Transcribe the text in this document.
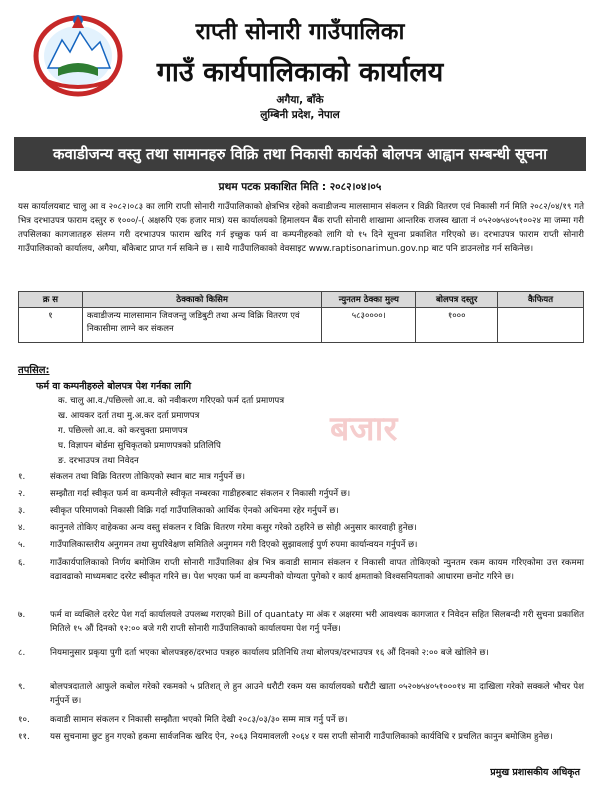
राप्ती सोनारी गाउँपालिका
गाउँ कार्यपालिकाको कार्यालय
अगैया, बाँके
लुम्बिनी प्रदेश, नेपाल
कवाडीजन्य वस्तु तथा सामानहरु विक्रि तथा निकासी कार्यको बोलपत्र आह्वान सम्बन्धी सूचना
प्रथम पटक प्रकाशित मिति : २०८२।०४।०५
यस कार्यालयबाट चालु आ व २०८२।०८३ का लागि राप्ती सोनारी गाउँपालिकाको क्षेत्रभित्र रहेको कवाडीजन्य मालसामान संकलन र विक्री वितरण एवं निकासी गर्न मिति २०८२/०४/१९ गते भित्र दरभाउपत्र फाराम दस्तुर रु १०००/-( अक्षरुपि एक हजार मात्र) यस कार्यालयको हिमालयन बैंक राप्ती सोनारी शाखामा आन्तरिक राजस्व खाता नं ०५२०७५४०५१००२४ मा जम्मा गरी तपसिलका कागजातहरु संलग्न गरी दरभाउपत्र फाराम खरिद गर्न इच्छुक फर्म वा कम्पनीहरुको लागि यो १५ दिने सूचना प्रकाशित गरिएको छ। दरभाउपत्र फाराम राप्ती सोनारी गाउँपालिकाको कार्यालय, अगैया, बाँकेबाट प्राप्त गर्न सकिने छ । साथै गाउँपालिकाको वेवसाइट www.raptisonarimun.gov.np बाट पनि डाउनलोड गर्न सकिनेछ।
क्र स	ठेक्काको किसिम	न्युनतम ठेक्का मुल्य	बोलपत्र दस्तुर	कैफियत
१	कवाडीजन्य मालसामान जिवजन्तु जडिबुटी तथा अन्य विक्रि वितरण एवं निकासीमा लाग्ने कर संकलन	५८३००००।	१०००	
तपसिल:
फर्म वा कम्पनीहरुले बोलपत्र पेश गर्नका लागि
क. चालु आ.व./पछिल्लो आ.व. को नवीकरण गरिएको फर्म दर्ता प्रमाणपत्र
ख. आयकर दर्ता तथा मु.अ.कर दर्ता प्रमाणपत्र
ग. पछिल्लो आ.व. को करचुक्ता प्रमाणपत्र
घ. विज्ञापन बोर्डमा सुचिकृतको प्रमाणपत्रको प्रतिलिपि
ङ. दरभाउपत्र तथा निवेदन
बजार
१.	संकलन तथा विक्रि वितरण तोकिएको स्थान बाट मात्र गर्नुपर्ने छ।
२.	सम्झौता गर्दा स्वीकृत फर्म वा कम्पनीले स्वीकृत नम्बरका गाडीहरुबाट संकलन र निकासी गर्नुपर्ने छ।
३.	स्वीकृत परिमाणको निकासी विक्रि गर्दा गाउँपालिकाको आर्थिक ऐनको अधिनमा रहेर गर्नुपर्ने छ।
४.	कानुनले तोकिए वाहेकका अन्य वस्तु संकलन र विक्रि वितरण गरेमा कसुर गरेको ठहरिने छ सोही अनुसार कारवाही हुनेछ।
५.	गाउँपालिकास्तरीय अनुगमन तथा सुपरिवेक्षण समितिले अनुगमन गरी दिएको सुझावलाई पुर्ण रुपमा कार्यान्वयन गर्नुपर्ने छ।
६.	गाउँकार्यपालिकाको निर्णय बमोजिम राप्ती सोनारी गाउँपालिका क्षेत्र भित्र कवाडी सामान संकलन र निकासी वापत तोकिएको न्युनतम रकम कायम गरिएकोमा उत्त रकममा वढावढाको माध्यमबाट दररेट स्वीकृत गरिने छ। पेश भएका फर्म वा कम्पनीको योग्यता पुगेको र कार्य क्षमताको विश्वसनियताको आधारमा छनोट गरिने छ।
७.	फर्म वा व्यक्तिले दररेट पेश गर्दा कार्यालयले उपलब्ध गराएको Bill of quantaty मा अंक र अक्षरमा भरी आवश्यक कागजात र निवेदन सहित सिलबन्दी गरी सुचना प्रकाशित मितिले १५ औं दिनको १२:०० बजे गरी राप्ती सोनारी गाउँपालिकाको कार्यालयमा पेश गर्नु पर्नेछ।
८.	नियमानुसार प्रकृया पुगी दर्ता भएका बोलपत्रहरु/दरभाउ पत्रहरु कार्यालय प्रतिनिधि तथा बोलपत्र/दरभाउपत्र १६ औं दिनको २:०० बजे खोलिने छ।
९.	बोलपत्रदाताले आफुले कबोल गरेको रकमको ५ प्रतिशत् ले हुन आउने धरौटी रकम यस कार्यालयको धरौटी खाता ०५२०७५४०५१०००१४ मा दाखिला गरेको सक्कले भौचर पेश गर्नुपर्ने छ।
१०.	कवाडी सामान संकलन र निकासी सम्झौता भएको मिति देखी २०८३/०३/३० सम्म मात्र गर्नु पर्ने छ।
११.	यस सुचनामा छुट हुन गएको हकमा सार्वजनिक खरिद ऐन, २०६३ नियमावलली २०६४ र यस राप्ती सोनारी गाउँपालिकाको कार्यविधि र प्रचलित कानुन बमोजिम हुनेछ।
प्रमुख प्रशासकीय अधिकृत
